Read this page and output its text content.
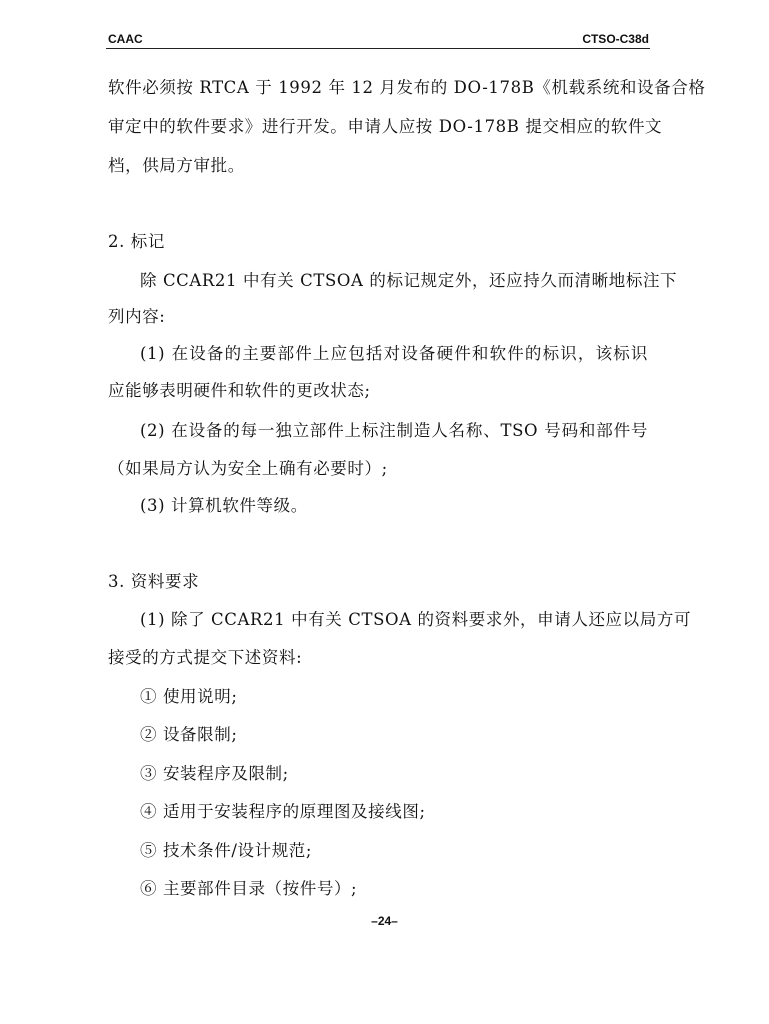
CAAC	CTSO-C38d
软件必须按 RTCA 于 1992 年 12 月发布的 DO-178B《机载系统和设备合格
审定中的软件要求》进行开发。申请人应按 DO-178B 提交相应的软件文
档，供局方审批。
2. 标记
除 CCAR21 中有关 CTSOA 的标记规定外，还应持久而清晰地标注下
列内容:
(1) 在设备的主要部件上应包括对设备硬件和软件的标识，该标识
应能够表明硬件和软件的更改状态;
(2) 在设备的每一独立部件上标注制造人名称、TSO 号码和部件号
（如果局方认为安全上确有必要时）;
(3) 计算机软件等级。
3. 资料要求
(1) 除了 CCAR21 中有关 CTSOA 的资料要求外，申请人还应以局方可
接受的方式提交下述资料:
① 使用说明;
② 设备限制;
③ 安装程序及限制;
④ 适用于安装程序的原理图及接线图;
⑤ 技术条件/设计规范;
⑥ 主要部件目录（按件号）;
–24–
